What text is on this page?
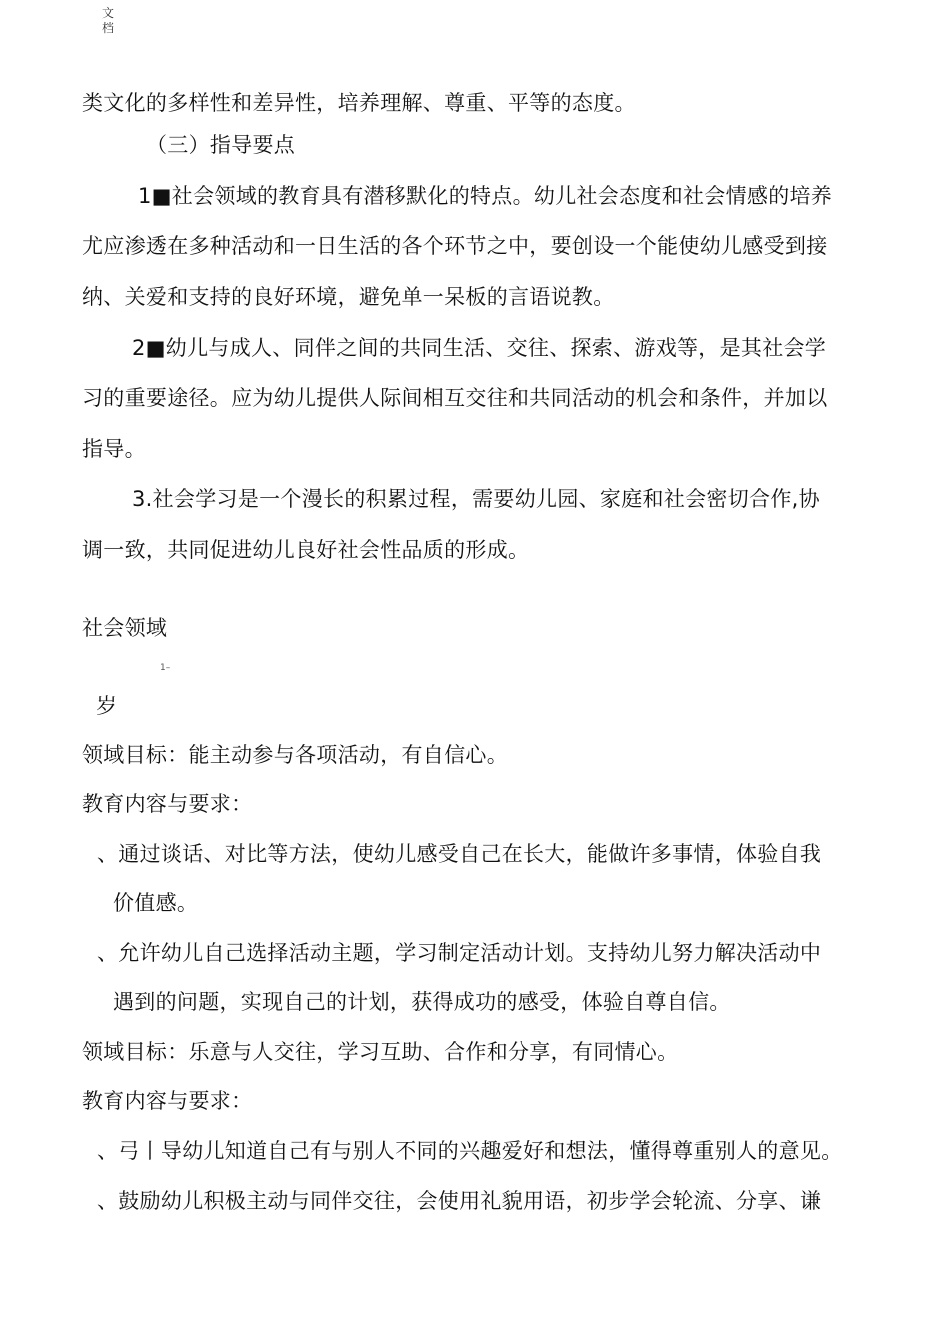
文
档
类文化的多样性和差异性，培养理解、尊重、平等的态度。
（三）指导要点
1■社会领域的教育具有潜移默化的特点。幼儿社会态度和社会情感的培养
尤应渗透在多种活动和一日生活的各个环节之中，要创设一个能使幼儿感受到接
纳、关爱和支持的良好环境，避免单一呆板的言语说教。
2■幼儿与成人、同伴之间的共同生活、交往、探索、游戏等，是其社会学
习的重要途径。应为幼儿提供人际间相互交往和共同活动的机会和条件，并加以
指导。
3.社会学习是一个漫长的积累过程，需要幼儿园、家庭和社会密切合作,协
调一致，共同促进幼儿良好社会性品质的形成。
社会领域
1–
岁
领域目标：能主动参与各项活动，有自信心。
教育内容与要求：
、通过谈话、对比等方法，使幼儿感受自己在长大，能做许多事情，体验自我
价值感。
、允许幼儿自己选择活动主题，学习制定活动计划。支持幼儿努力解决活动中
遇到的问题，实现自己的计划，获得成功的感受，体验自尊自信。
领域目标：乐意与人交往，学习互助、合作和分享，有同情心。
教育内容与要求：
、弓丨导幼儿知道自己有与别人不同的兴趣爱好和想法，懂得尊重别人的意见。
、鼓励幼儿积极主动与同伴交往，会使用礼貌用语，初步学会轮流、分享、谦
